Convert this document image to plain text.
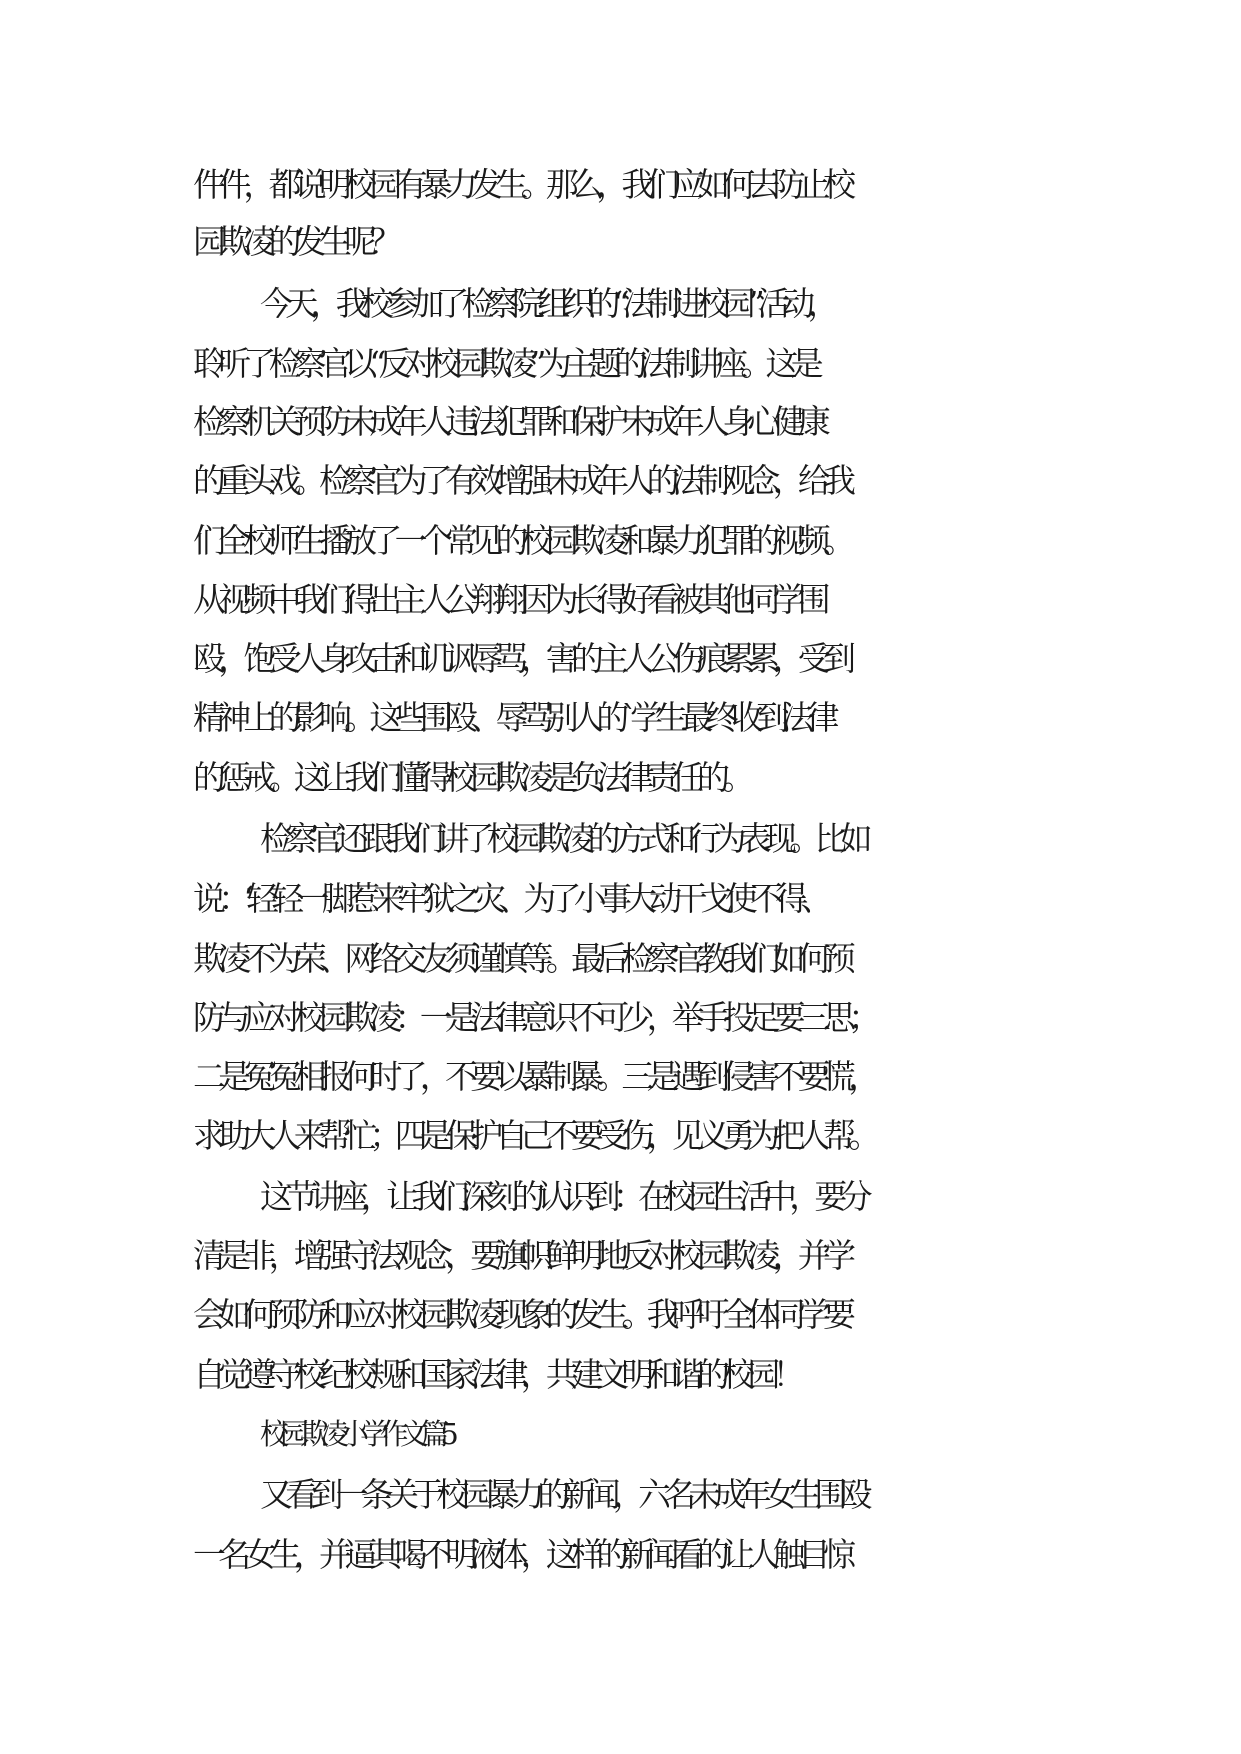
件件，都说明校园有暴力发生。那么，我们应如何去防止校
园欺凌的发生呢？
今天，我校参加了检察院组织的“法制进校园”活动，
聆听了检察官以“反对校园欺凌”为主题的法制讲座。这是
检察机关预防未成年人违法犯罪和保护未成年人身心健康
的重头戏。检察官为了有效增强未成年人的法制观念，给我
们全校师生播放了一个常见的校园欺凌和暴力犯罪的视频。
从视频中我们得出主人公翔翔因为长得好看被其他同学围
殴，饱受人身攻击和讥讽辱骂，害的主人公伤痕累累，受到
精神上的影响。这些围殴、辱骂别人的`学生最终收到法律
的惩戒。这让我们懂得校园欺凌是负法律责任的。
检察官还跟我们讲了校园欺凌的方式和行为表现。比如
说：‘轻轻一脚惹来牢狱之灾、为了小事大动干戈使不得、
欺凌不为荣、网络交友须谨慎等。最后检察官教我们如何预
防与应对校园欺凌：一是法律意识不可少，举手投足要三思；
二是冤冤相报何时了，不要以暴制暴。三是遇到侵害不要慌，
求助大人来帮忙；四是保护自己不要受伤，见义勇为把人帮。
这节讲座，让我们深刻的认识到：在校园生活中，要分
清是非，增强守法观念，要旗帜鲜明地反对校园欺凌，并学
会如何预防和应对校园欺凌现象的发生。我呼吁全体同学要
自觉遵守校纪校规和国家法律，共建文明和谐的校园！
校园欺凌小学作文 篇 5
又看到一条关于校园暴力的新闻，六名未成年女生围殴
一名女生，并逼其喝不明液体，这样的新闻看的让人触目惊
